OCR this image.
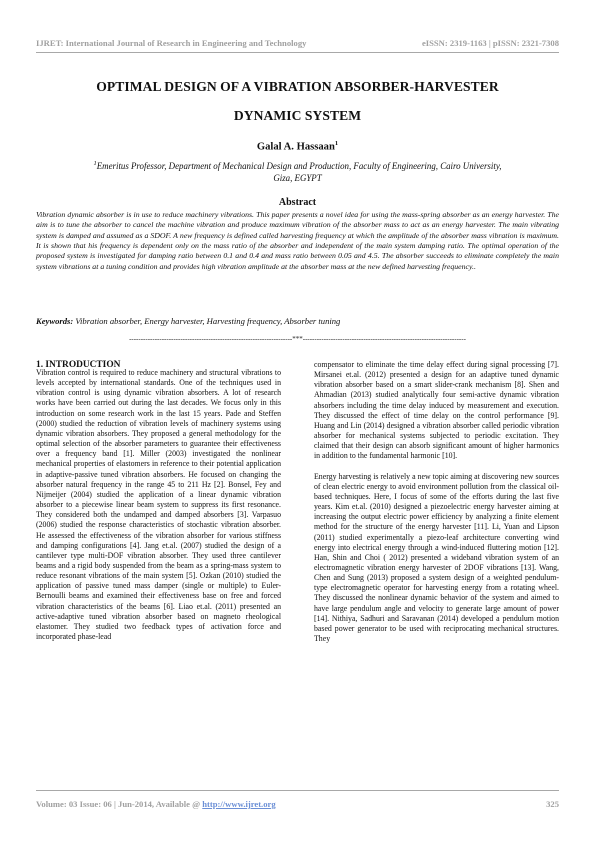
IJRET: International Journal of Research in Engineering and Technology	eISSN: 2319-1163 | pISSN: 2321-7308
OPTIMAL DESIGN OF A VIBRATION ABSORBER-HARVESTER
DYNAMIC SYSTEM
Galal A. Hassaan$^1$
$^1$Emeritus Professor, Department of Mechanical Design and Production, Faculty of Engineering, Cairo University,
Giza, EGYPT
Abstract
Vibration dynamic absorber is in use to reduce machinery vibrations. This paper presents a novel idea for using the mass-spring absorber as an energy harvester. The aim is to tune the absorber to cancel the machine vibration and produce maximum vibration of the absorber mass to act as an energy harvester. The main vibrating system is damped and assumed as a SDOF. A new frequency is defined called harvesting frequency at which the amplitude of the absorber mass vibration is maximum. It is shown that his frequency is dependent only on the mass ratio of the absorber and independent of the main system damping ratio. The optimal operation of the proposed system is investigated for damping ratio between 0.1 and 0.4 and mass ratio between 0.05 and 4.5. The absorber succeeds to eliminate completely the main system vibrations at a tuning condition and provides high vibration amplitude at the absorber mass at the new defined harvesting frequency..
Keywords: Vibration absorber, Energy harvester, Harvesting frequency, Absorber tuning
----------------------------------------------------------------------***----------------------------------------------------------------------
1. INTRODUCTION

Vibration control is required to reduce machinery and structural vibrations to levels accepted by international standards. One of the techniques used in vibration control is using dynamic vibration absorbers. A lot of research works have been carried out during the last decades. We focus only in this introduction on some research work in the last 15 years. Pade and Steffen (2000) studied the reduction of vibration levels of machinery systems using dynamic vibration absorbers. They proposed a general methodology for the optimal selection of the absorber parameters to guarantee their effectiveness over a frequency band [1]. Miller (2003) investigated the nonlinear mechanical properties of elastomers in reference to their potential application in adaptive-passive tuned vibration absorbers. He focused on changing the absorber natural frequency in the range 45 to 211 Hz [2]. Bonsel, Fey and Nijmeijer (2004) studied the application of a linear dynamic vibration absorber to a piecewise linear beam system to suppress its first resonance. They considered both the undamped and damped absorbers [3]. Varpasuo (2006) studied the response characteristics of stochastic vibration absorber. He assessed the effectiveness of the vibration absorber for various stiffness and damping configurations [4]. Jang et.al. (2007) studied the design of a cantilever type multi-DOF vibration absorber. They used three cantilever beams and a rigid body suspended from the beam as a spring-mass system to reduce resonant vibrations of the main system [5]. Ozkan (2010) studied the application of passive tuned mass damper (single or multiple) to Euler-Bernoulli beams and examined their effectiveness base on free and forced vibration characteristics of the beams [6]. Liao et.al. (2011) presented an active-adaptive tuned vibration absorber based on magneto rheological elastomer. They studied two feedback types of activation force and incorporated phase-lead

compensator to eliminate the time delay effect during signal processing [7]. Mirsanei et.al. (2012) presented a design for an adaptive tuned dynamic vibration absorber based on a smart slider-crank mechanism [8]. Shen and Ahmadian (2013) studied analytically four semi-active dynamic vibration absorbers including the time delay induced by measurement and execution. They discussed the effect of time delay on the control performance [9]. Huang and Lin (2014) designed a vibration absorber called periodic vibration absorber for mechanical systems subjected to periodic excitation. They claimed that their design can absorb significant amount of higher harmonics in addition to the fundamental harmonic [10].

Energy harvesting is relatively a new topic aiming at discovering new sources of clean electric energy to avoid environment pollution from the classical oil-based techniques. Here, I focus of some of the efforts during the last five years. Kim et.al. (2010) designed a piezoelectric energy harvester aiming at increasing the output electric power efficiency by analyzing a finite element method for the structure of the energy harvester [11]. Li, Yuan and Lipson (2011) studied experimentally a piezo-leaf architecture converting wind energy into electrical energy through a wind-induced fluttering motion [12]. Han, Shin and Choi ( 2012) presented a wideband vibration system of an electromagnetic vibration energy harvester of 2DOF vibrations [13]. Wang, Chen and Sung (2013) proposed a system design of a weighted pendulum-type electromagnetic operator for harvesting energy from a rotating wheel. They discussed the nonlinear dynamic behavior of the system and aimed to have large pendulum angle and velocity to generate large amount of power [14]. Nithiya, Sadhuri and Saravanan (2014) developed a pendulum motion based power generator to be used with reciprocating mechanical structures. They

Volume: 03 Issue: 06 | Jun-2014, Available @ http://www.ijret.org	325
